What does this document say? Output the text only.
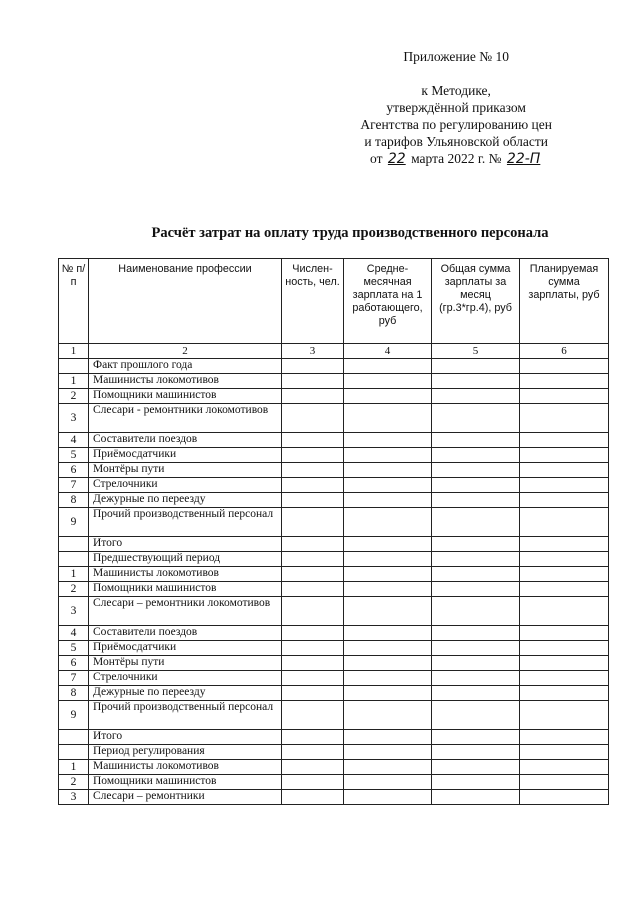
Приложение № 10
к Методике,
утверждённой приказом
Агентства по регулированию цен
и тарифов Ульяновской области
от 22 марта 2022 г. № 22-П
Расчёт затрат на оплату труда производственного персонала
№ п/п	Наименование профессии	Числен-ность, чел.	Средне-месячная зарплата на 1 работающего, руб	Общая сумма зарплаты за месяц (гр.3*гр.4), руб	Планируемая сумма зарплаты, руб
1	2	3	4	5	6
	Факт прошлого года				
1	Машинисты локомотивов				
2	Помощники машинистов				
3	Слесари - ремонтники локомотивов				
4	Составители поездов				
5	Приёмосдатчики				
6	Монтёры пути				
7	Стрелочники				
8	Дежурные по переезду				
9	Прочий производственный персонал				
	Итого				
	Предшествующий период				
1	Машинисты локомотивов				
2	Помощники машинистов				
3	Слесари – ремонтники локомотивов				
4	Составители поездов				
5	Приёмосдатчики				
6	Монтёры пути				
7	Стрелочники				
8	Дежурные по переезду				
9	Прочий производственный персонал				
	Итого				
	Период регулирования				
1	Машинисты локомотивов				
2	Помощники машинистов				
3	Слесари – ремонтники				
